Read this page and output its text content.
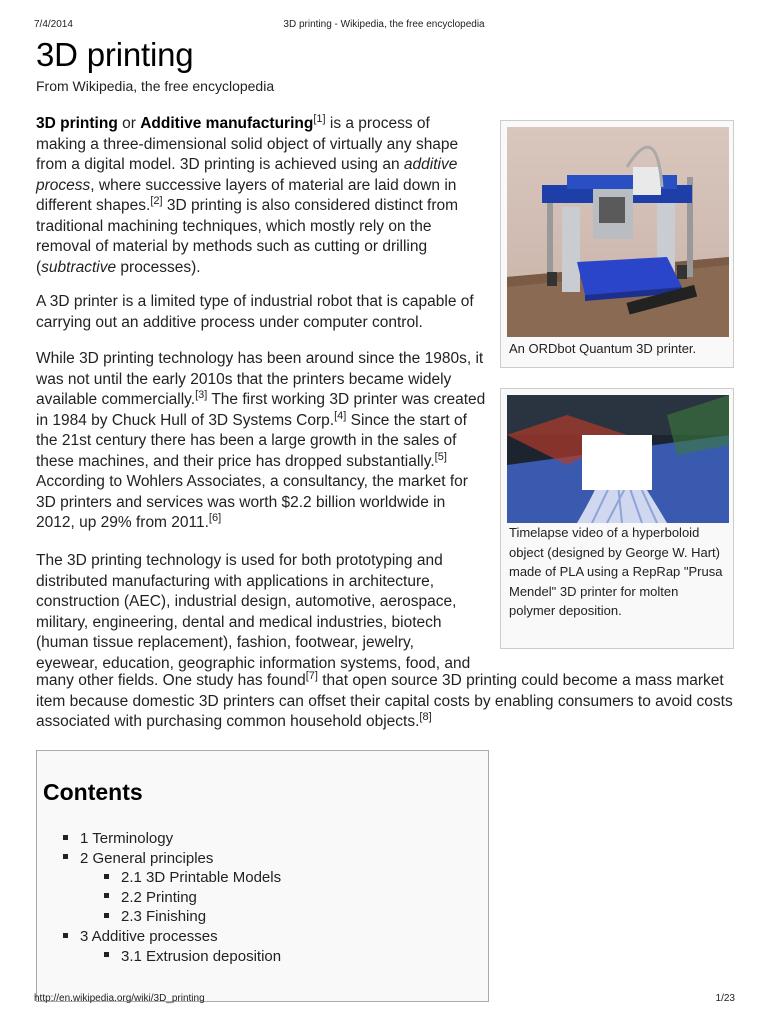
7/4/2014	3D printing - Wikipedia, the free encyclopedia
3D printing
From Wikipedia, the free encyclopedia

3D printing or Additive manufacturing[1] is a process of making a three-dimensional solid object of virtually any shape from a digital model. 3D printing is achieved using an additive process, where successive layers of material are laid down in different shapes.[2] 3D printing is also considered distinct from traditional machining techniques, which mostly rely on the removal of material by methods such as cutting or drilling (subtractive processes).

A 3D printer is a limited type of industrial robot that is capable of carrying out an additive process under computer control.

While 3D printing technology has been around since the 1980s, it was not until the early 2010s that the printers became widely available commercially.[3] The first working 3D printer was created in 1984 by Chuck Hull of 3D Systems Corp.[4] Since the start of the 21st century there has been a large growth in the sales of these machines, and their price has dropped substantially.[5] According to Wohlers Associates, a consultancy, the market for 3D printers and services was worth $2.2 billion worldwide in 2012, up 29% from 2011.[6]

The 3D printing technology is used for both prototyping and distributed manufacturing with applications in architecture, construction (AEC), industrial design, automotive, aerospace, military, engineering, dental and medical industries, biotech (human tissue replacement), fashion, footwear, jewelry, eyewear, education, geographic information systems, food, and

many other fields. One study has found[7] that open source 3D printing could become a mass market item because domestic 3D printers can offset their capital costs by enabling consumers to avoid costs associated with purchasing common household objects.[8]

An ORDbot Quantum 3D printer.
Timelapse video of a hyperboloid object (designed by George W. Hart) made of PLA using a RepRap "Prusa Mendel" 3D printer for molten polymer deposition.
Contents
1 Terminology
2 General principles
2.1 3D Printable Models
2.2 Printing
2.3 Finishing
3 Additive processes
3.1 Extrusion deposition
http://en.wikipedia.org/wiki/3D_printing	1/23
